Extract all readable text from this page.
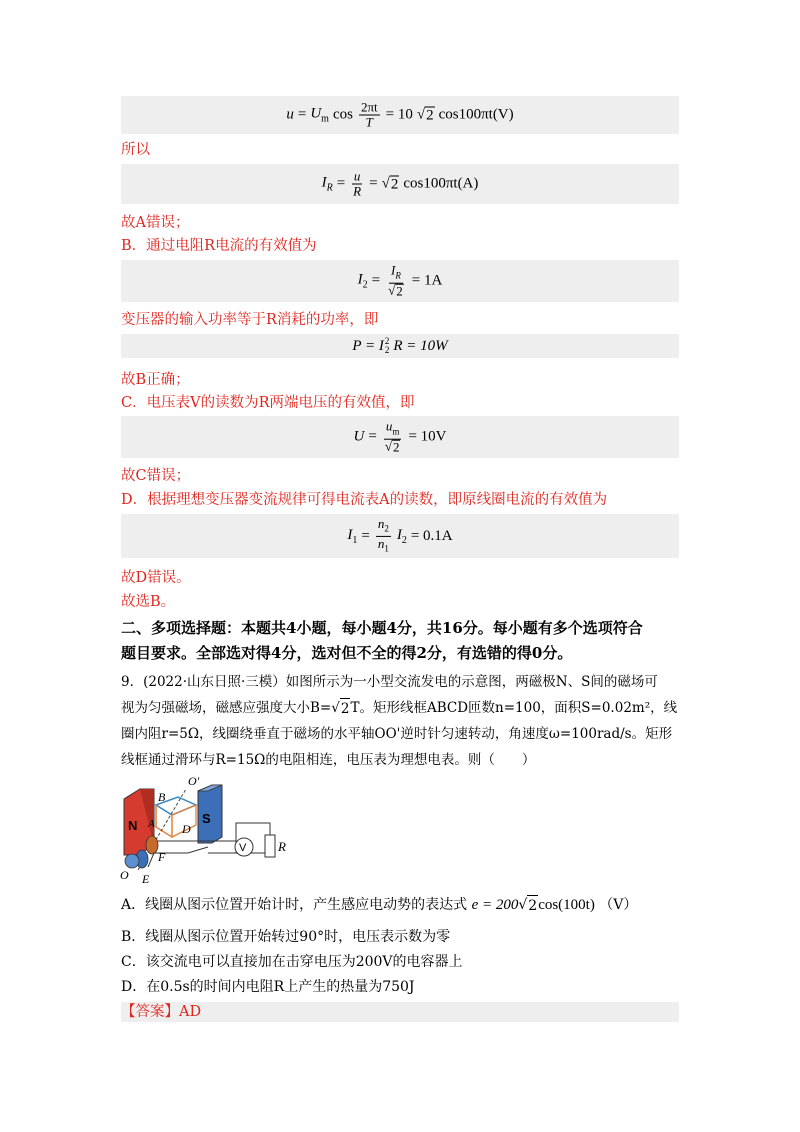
$u = U_m$ $\cos \frac{2\pi t}{T} = 10$ √ 2 cos100πt(V)
所以
$I_R = \frac{u}{R}$ = √ 2 cos100πt(A)
故A错误；
B．通过电阻R电流的有效值为
$I_2 = \frac{I_R}{√ 2} = 1A$
变压器的输入功率等于R消耗的功率，即
P = I 2
2 R = 10W
故B正确；
C．电压表V的读数为R两端电压的有效值，即
$U = \frac{u_m}{√ 2} = 10V$
故C错误；
D．根据理想变压器变流规律可得电流表A的读数，即原线圈电流的有效值为
$I_1 = \frac{n_2}{n_1} I_2 = 0.1A$
故D错误。
故选B。
二、多项选择题：本题共4小题，每小题4分，共16分。每小题有多个选项符合
题目要求。全部选对得4分，选对但不全的得2分，有选错的得0分。
9．(2022·山东日照·三模）如图所示为一小型交流发电的示意图，两磁极N、S间的磁场可
视为匀强磁场，磁感应强度大小B=√ 2 T。矩形线框ABCD匝数n=100，面积S=0.02m²，线
圈内阻r=5Ω，线圈绕垂直于磁场的水平轴OO'逆时针匀速转动，角速度ω=100rad/s。矩形
线框通过滑环与R=15Ω的电阻相连，电压表为理想电表。则（　　）
N	S
O'
B
A D
F
O E
V R
A．线圈从图示位置开始计时，产生感应电动势的表达式 e = 200√ 2 cos(100t) （V）
B．线圈从图示位置开始转过90°时，电压表示数为零
C．该交流电可以直接加在击穿电压为200V的电容器上
D．在0.5s的时间内电阻R上产生的热量为750J
【答案】AD
